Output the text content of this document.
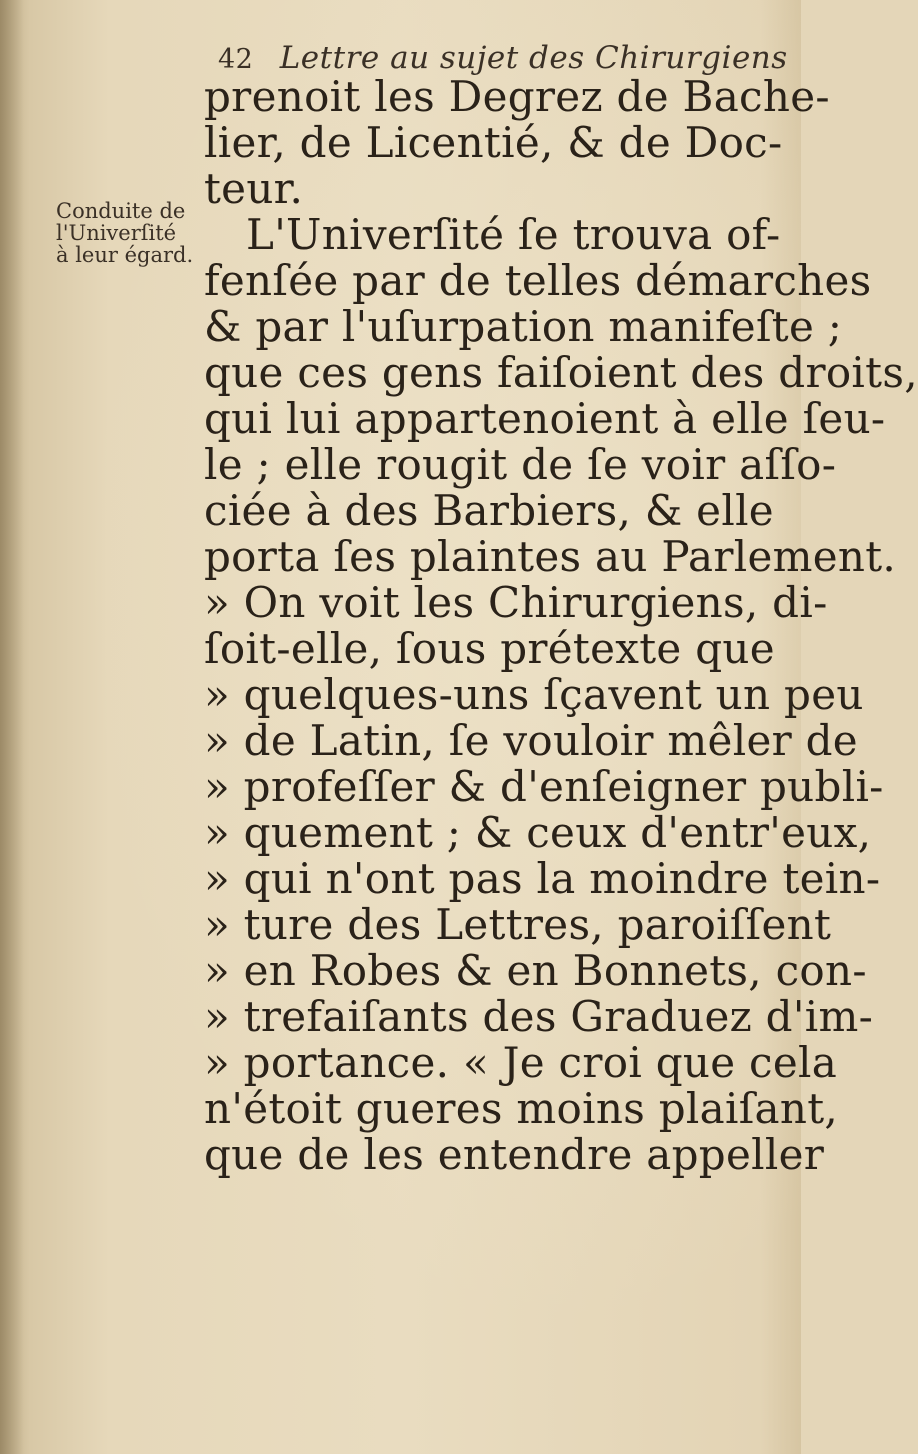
42 Lettre au sujet des Chirurgiens
Conduite de
l'Univerſité
à leur égard.
prenoit les Degrez de Bache-
lier, de Licentié, & de Doc-
teur.
L'Univerſité ſe trouva of-
fenſée par de telles démarches
& par l'uſurpation manifeſte ;
que ces gens faiſoient des droits,
qui lui appartenoient à elle ſeu-
le ; elle rougit de ſe voir aſſo-
ciée à des Barbiers, & elle
porta ſes plaintes au Parlement.
» On voit les Chirurgiens, di-
ſoit-elle, ſous prétexte que
» quelques-uns ſçavent un peu
» de Latin, ſe vouloir mêler de
» profeſſer & d'enſeigner publi-
» quement ; & ceux d'entr'eux,
» qui n'ont pas la moindre tein-
» ture des Lettres, paroiſſent
» en Robes & en Bonnets, con-
» trefaiſants des Graduez d'im-
» portance. « Je croi que cela
n'étoit gueres moins plaiſant,
que de les entendre appeller
